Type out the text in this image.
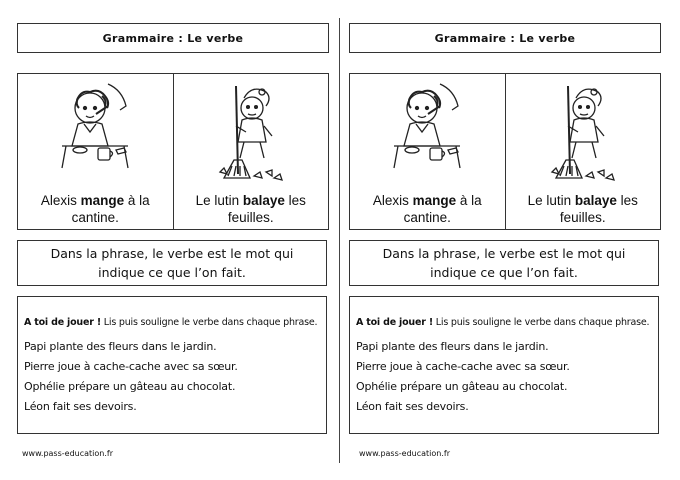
Grammaire : Le verbe
Alexis mange à la cantine.
Le lutin balaye les feuilles.
Dans la phrase, le verbe est le mot qui indique ce que l’on fait.
A toi de jouer ! Lis puis souligne le verbe dans chaque phrase.
Papi plante des fleurs dans le jardin.
Pierre joue à cache-cache avec sa sœur.
Ophélie prépare un gâteau au chocolat.
Léon fait ses devoirs.
www.pass-education.fr
Grammaire : Le verbe
Alexis mange à la cantine.
Le lutin balaye les feuilles.
Dans la phrase, le verbe est le mot qui indique ce que l’on fait.
A toi de jouer ! Lis puis souligne le verbe dans chaque phrase.
Papi plante des fleurs dans le jardin.
Pierre joue à cache-cache avec sa sœur.
Ophélie prépare un gâteau au chocolat.
Léon fait ses devoirs.
www.pass-education.fr
